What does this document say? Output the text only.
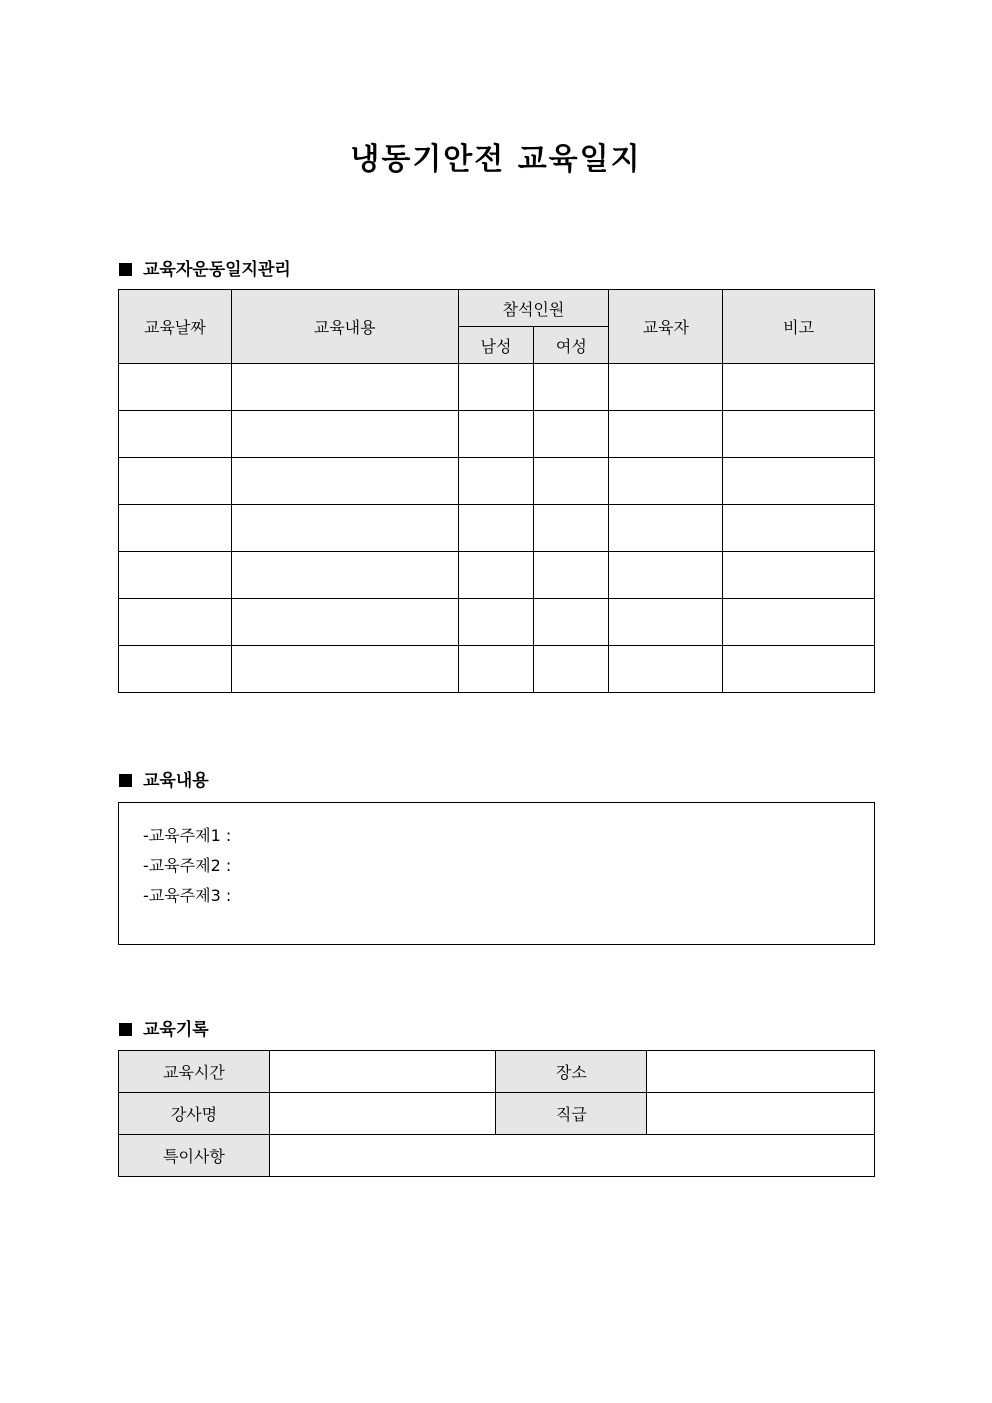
냉동기안전 교육일지
교육자운동일지관리
교육날짜	교육내용	참석인원		교육자	비고
		남성	여성		

교육내용
-교육주제1 :
-교육주제2 :
-교육주제3 :
교육기록
교육시간		장소	
강사명		직급	
특이사항			
